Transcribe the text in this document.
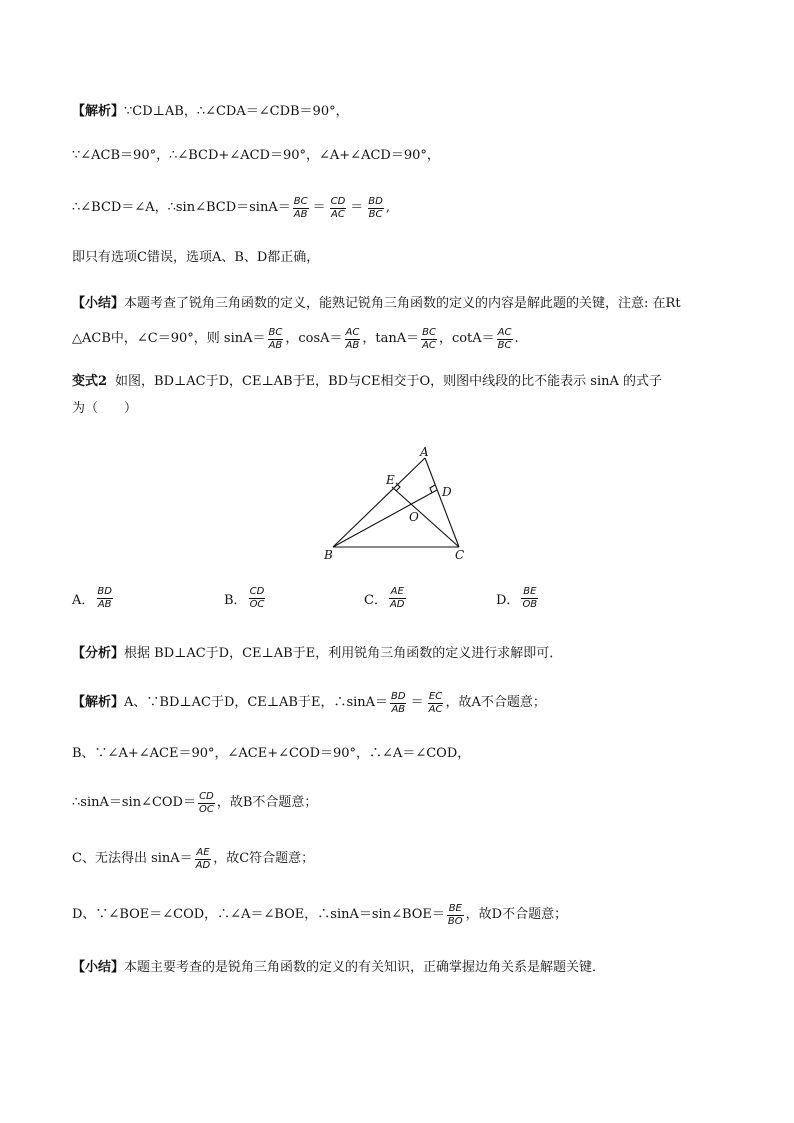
【解析】 ∵CD⊥AB，∴∠CDA＝∠CDB＝90°，
∵∠ACB＝90°，∴∠BCD+∠ACD＝90°，∠A+∠ACD＝90°，
∴∠BCD＝∠A，∴sin∠BCD＝sinA＝ $\frac{BC}{AB} = \frac{CD}{AC} = \frac{BD}{BC}$ ,
即只有选项C错误，选项A、B、D都正确，
【小结】 本题考查了锐角三角函数的定义，能熟记锐角三角函数的定义的内容是解此题的关键，注意: 在Rt
△ACB中，∠C＝90°，则 $\sin A= \frac{BC}{AB}$ ，$\cos A= \frac{AC}{AB}$ ，$\tan A= \frac{BC}{AC}$ ，$\cot A= \frac{AC}{BC}$ .
变式2 如图，BD⊥AC于D，CE⊥AB于E，BD与CE相交于O，则图中线段的比不能表示 sinA 的式子
为（　　）
A
B	C
D
E
O
A． $\frac{BD}{AB}$	B． $\frac{CD}{OC}$	C． $\frac{AE}{AD}$	D． $\frac{BE}{OB}$
【分析】 根据 BD⊥AC于D，CE⊥AB于E，利用锐角三角函数的定义进行求解即可．
【解析】 A、∵BD⊥AC于D，CE⊥AB于E，∴sinA＝ $\frac{BD}{AB} = \frac{EC}{AC}$ ，故A不合题意；
B、∵∠A+∠ACE＝90°，∠ACE+∠COD＝90°，∴∠A＝∠COD，
∴sinA＝sin∠COD＝ $\frac{CD}{OC}$ ，故B不合题意；
C、无法得出 $\sin A= \frac{AE}{AD}$ ，故C符合题意；
D、∵∠BOE＝∠COD，∴∠A＝∠BOE，∴sinA＝sin∠BOE＝ $\frac{BE}{BO}$ ，故D不合题意；
【小结】 本题主要考查的是锐角三角函数的定义的有关知识，正确掌握边角关系是解题关键．
